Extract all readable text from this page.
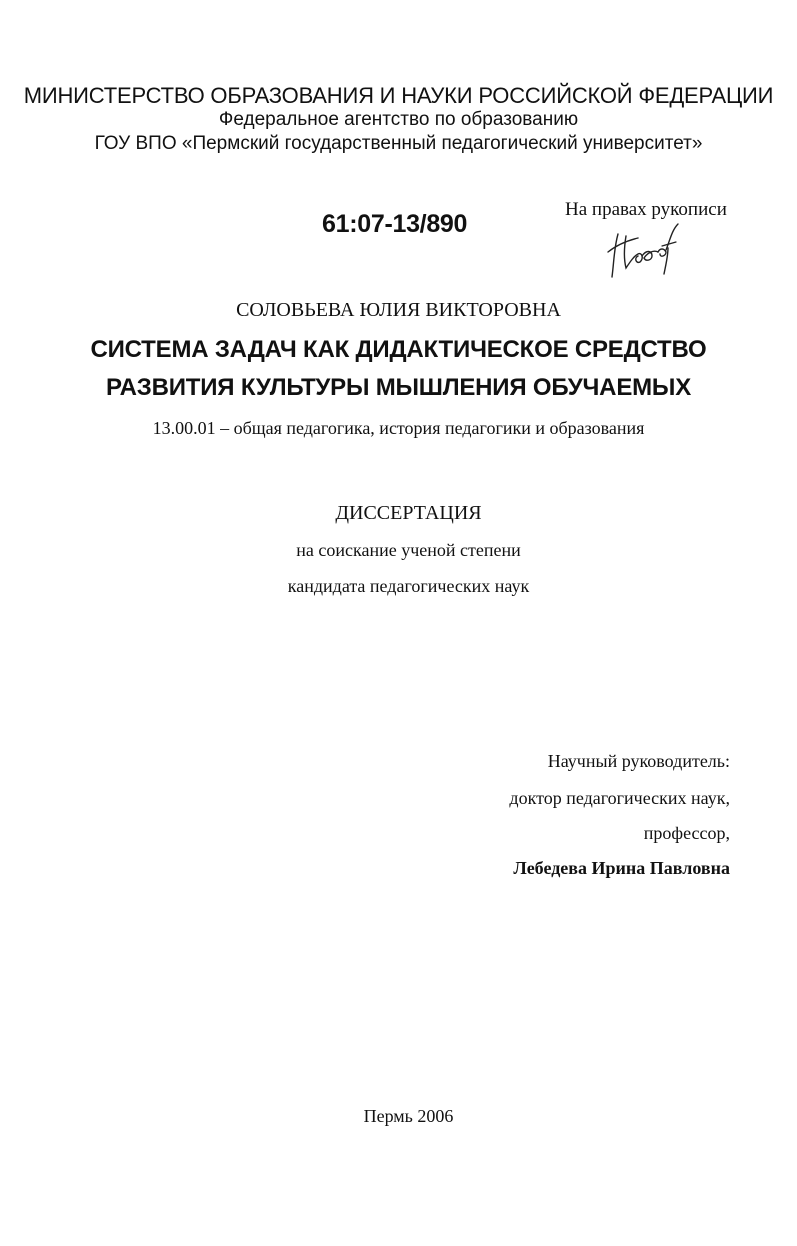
МИНИСТЕРСТВО ОБРАЗОВАНИЯ И НАУКИ РОССИЙСКОЙ ФЕДЕРАЦИИ
Федеральное агентство по образованию
ГОУ ВПО «Пермский государственный педагогический университет»
61:07-13/890
На правах рукописи
СОЛОВЬЕВА ЮЛИЯ ВИКТОРОВНА
СИСТЕМА ЗАДАЧ КАК ДИДАКТИЧЕСКОЕ СРЕДСТВО
РАЗВИТИЯ КУЛЬТУРЫ МЫШЛЕНИЯ ОБУЧАЕМЫХ
13.00.01 – общая педагогика, история педагогики и образования
ДИССЕРТАЦИЯ
на соискание ученой степени
кандидата педагогических наук
Научный руководитель:
доктор педагогических наук,
профессор,
Лебедева Ирина Павловна
Пермь 2006
